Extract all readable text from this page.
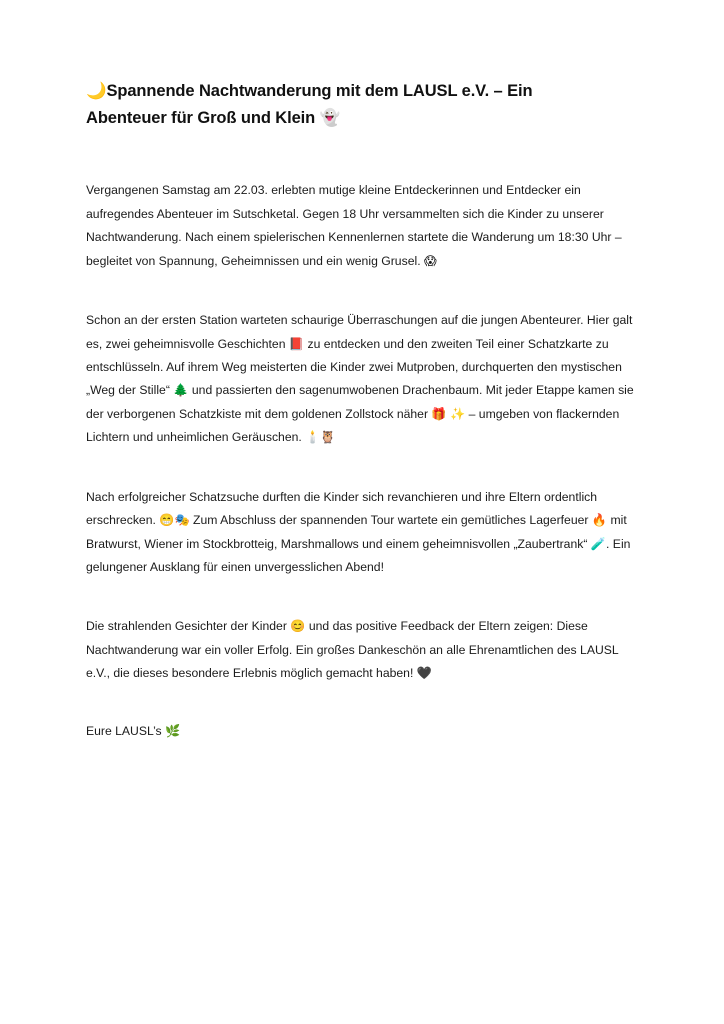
🌙Spannende Nachtwanderung mit dem LAUSL e.V. – Ein Abenteuer für Groß und Klein 👻

Vergangenen Samstag am 22.03. erlebten mutige kleine Entdeckerinnen und Entdecker ein aufregendes Abenteuer im Sutschketal. Gegen 18 Uhr versammelten sich die Kinder zu unserer Nachtwanderung. Nach einem spielerischen Kennenlernen startete die Wanderung um 18:30 Uhr – begleitet von Spannung, Geheimnissen und ein wenig Grusel. 😱

Schon an der ersten Station warteten schaurige Überraschungen auf die jungen Abenteurer. Hier galt es, zwei geheimnisvolle Geschichten 📕 zu entdecken und den zweiten Teil einer Schatzkarte zu entschlüsseln. Auf ihrem Weg meisterten die Kinder zwei Mutproben, durchquerten den mystischen „Weg der Stille“ 🌲 und passierten den sagenumwobenen Drachenbaum. Mit jeder Etappe kamen sie der verborgenen Schatzkiste mit dem goldenen Zollstock näher 🎁 ✨ – umgeben von flackernden Lichtern und unheimlichen Geräuschen. 🕯️🦉

Nach erfolgreicher Schatzsuche durften die Kinder sich revanchieren und ihre Eltern ordentlich erschrecken. 😁🎭 Zum Abschluss der spannenden Tour wartete ein gemütliches Lagerfeuer 🔥 mit Bratwurst, Wiener im Stockbrotteig, Marshmallows und einem geheimnisvollen „Zaubertrank“ 🧪. Ein gelungener Ausklang für einen unvergesslichen Abend!

Die strahlenden Gesichter der Kinder 😊 und das positive Feedback der Eltern zeigen: Diese Nachtwanderung war ein voller Erfolg. Ein großes Dankeschön an alle Ehrenamtlichen des LAUSL e.V., die dieses besondere Erlebnis möglich gemacht haben! 🖤

Eure LAUSL’s 🌿
